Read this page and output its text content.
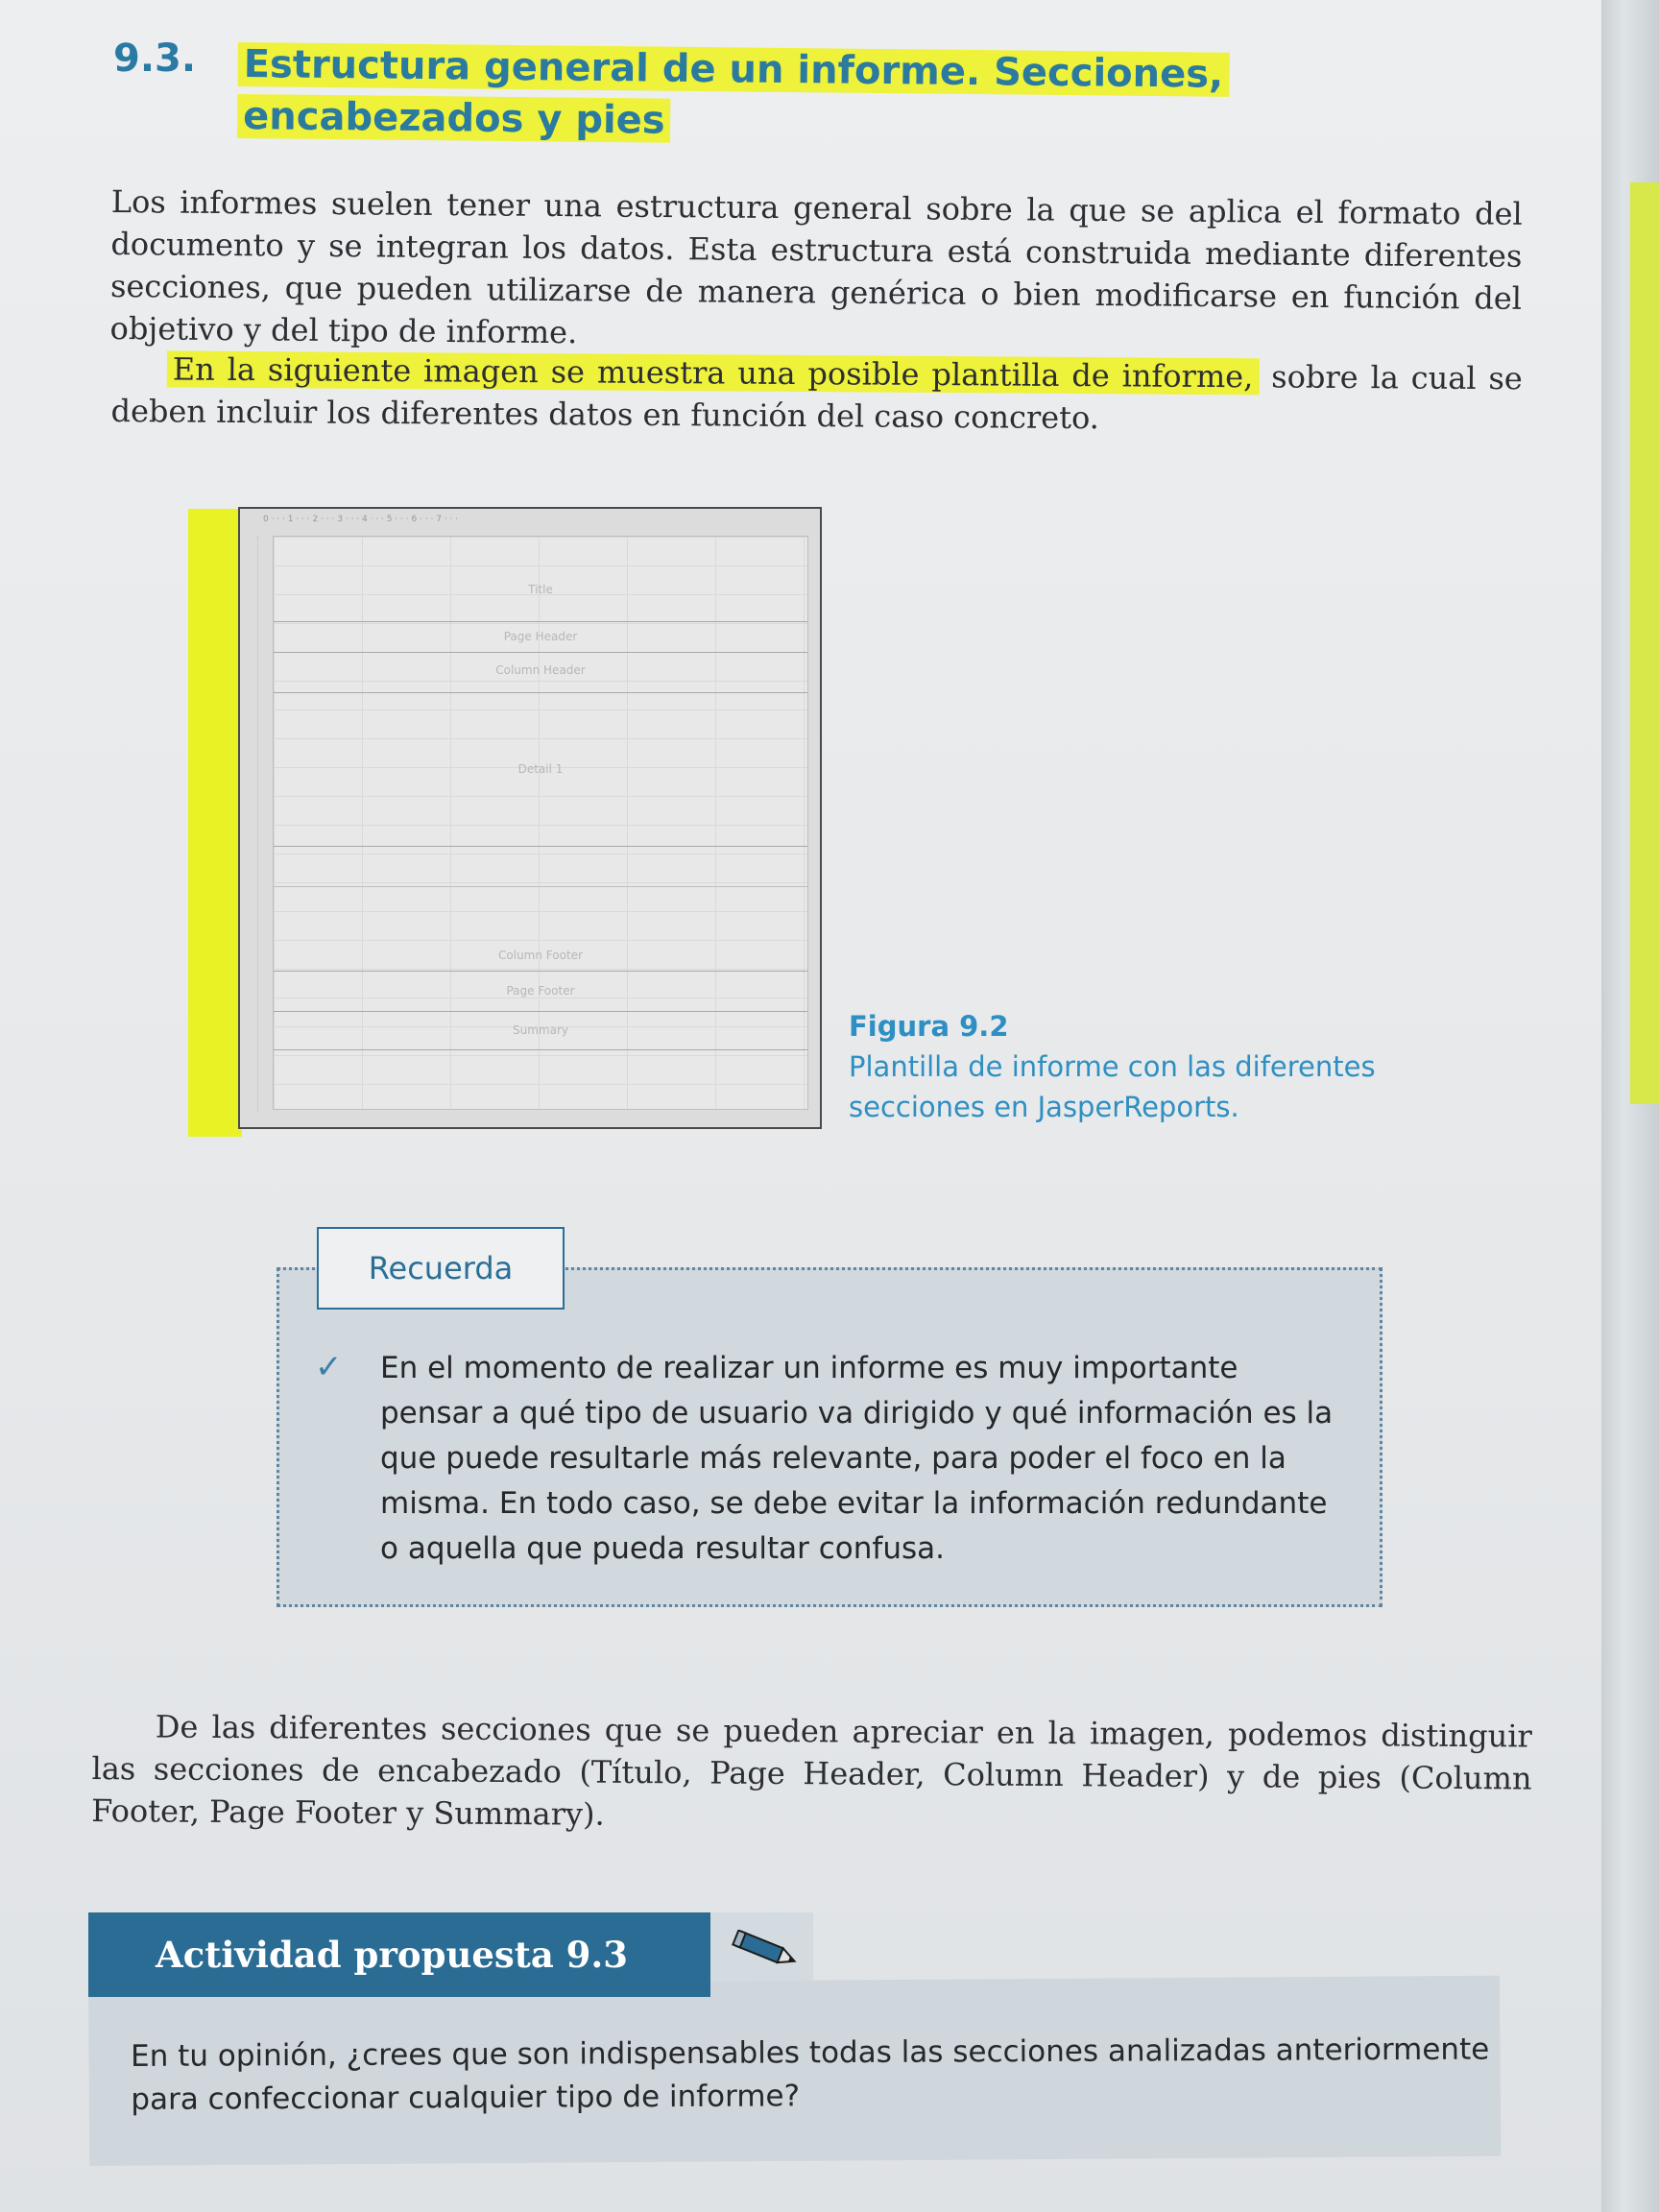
9.3. Estructura general de un informe. Secciones, encabezados y pies
Los informes suelen tener una estructura general sobre la que se aplica el formato del documento y se integran los datos. Esta estructura está construida mediante diferentes secciones, que pueden utilizarse de manera genérica o bien modificarse en función del objetivo y del tipo de informe.
En la siguiente imagen se muestra una posible plantilla de informe, sobre la cual se deben incluir los diferentes datos en función del caso concreto.
0 · · · 1 · · · 2 · · · 3 · · · 4 · · · 5 · · · 6 · · · 7 · · ·
Title
Page Header
Column Header
Detail 1
Column Footer
Page Footer
Summary	Figura 9.2
Plantilla de informe con las diferentes secciones en JasperReports.
Recuerda
✓ En el momento de realizar un informe es muy importante pensar a qué tipo de usuario va dirigido y qué información es la que puede resultarle más relevante, para poder el foco en la misma. En todo caso, se debe evitar la información redundante o aquella que pueda resultar confusa.
De las diferentes secciones que se pueden apreciar en la imagen, podemos distinguir las secciones de encabezado (Título, Page Header, Column Header) y de pies (Column Footer, Page Footer y Summary).
Actividad propuesta 9.3
En tu opinión, ¿crees que son indispensables todas las secciones analizadas anteriormente para confeccionar cualquier tipo de informe?
